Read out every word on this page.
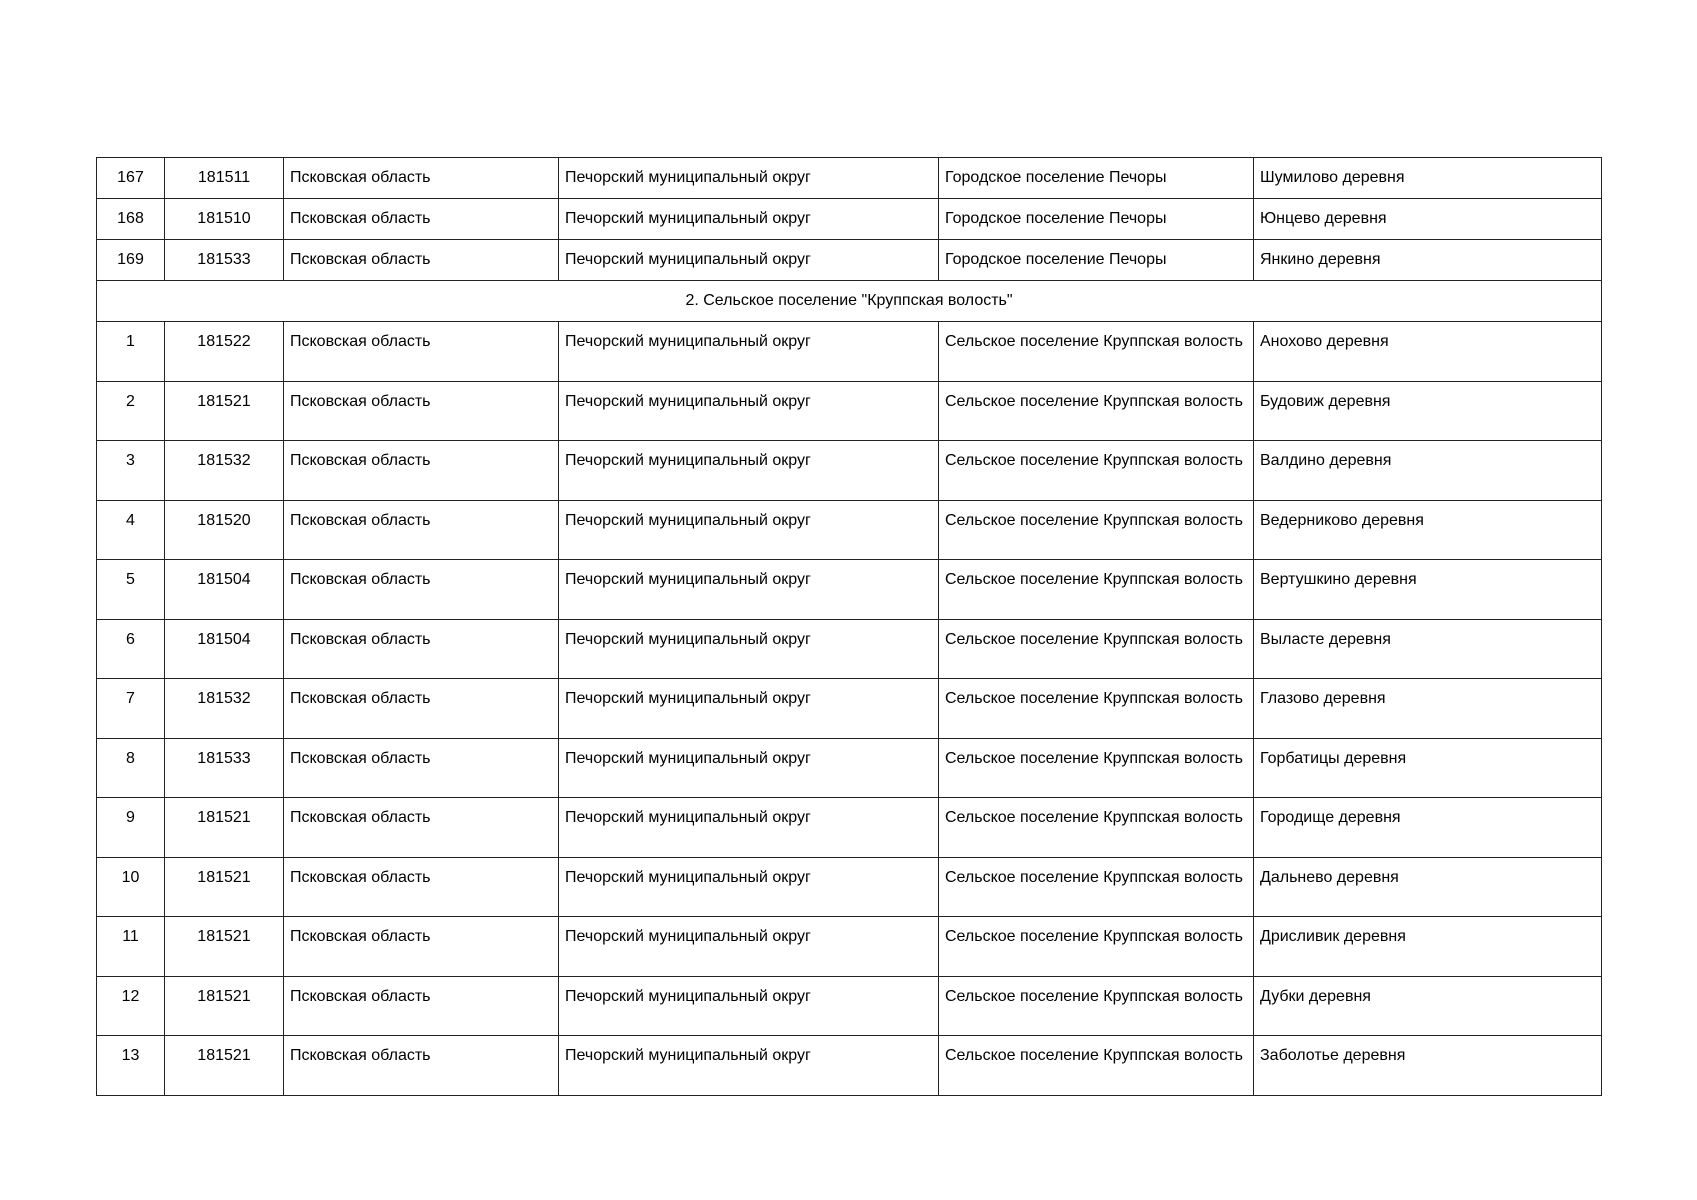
167	181511	Псковская область	Печорский муниципальный округ	Городское поселение Печоры	Шумилово деревня
168	181510	Псковская область	Печорский муниципальный округ	Городское поселение Печоры	Юнцево деревня
169	181533	Псковская область	Печорский муниципальный округ	Городское поселение Печоры	Янкино деревня
2. Сельское поселение "Круппская волость"					
1	181522	Псковская область	Печорский муниципальный округ	Сельское поселение Круппская волость	Анохово деревня
2	181521	Псковская область	Печорский муниципальный округ	Сельское поселение Круппская волость	Будовиж деревня
3	181532	Псковская область	Печорский муниципальный округ	Сельское поселение Круппская волость	Валдино деревня
4	181520	Псковская область	Печорский муниципальный округ	Сельское поселение Круппская волость	Ведерниково деревня
5	181504	Псковская область	Печорский муниципальный округ	Сельское поселение Круппская волость	Вертушкино деревня
6	181504	Псковская область	Печорский муниципальный округ	Сельское поселение Круппская волость	Выласте деревня
7	181532	Псковская область	Печорский муниципальный округ	Сельское поселение Круппская волость	Глазово деревня
8	181533	Псковская область	Печорский муниципальный округ	Сельское поселение Круппская волость	Горбатицы деревня
9	181521	Псковская область	Печорский муниципальный округ	Сельское поселение Круппская волость	Городище деревня
10	181521	Псковская область	Печорский муниципальный округ	Сельское поселение Круппская волость	Дальнево деревня
11	181521	Псковская область	Печорский муниципальный округ	Сельское поселение Круппская волость	Дрисливик деревня
12	181521	Псковская область	Печорский муниципальный округ	Сельское поселение Круппская волость	Дубки деревня
13	181521	Псковская область	Печорский муниципальный округ	Сельское поселение Круппская волость	Заболотье деревня
